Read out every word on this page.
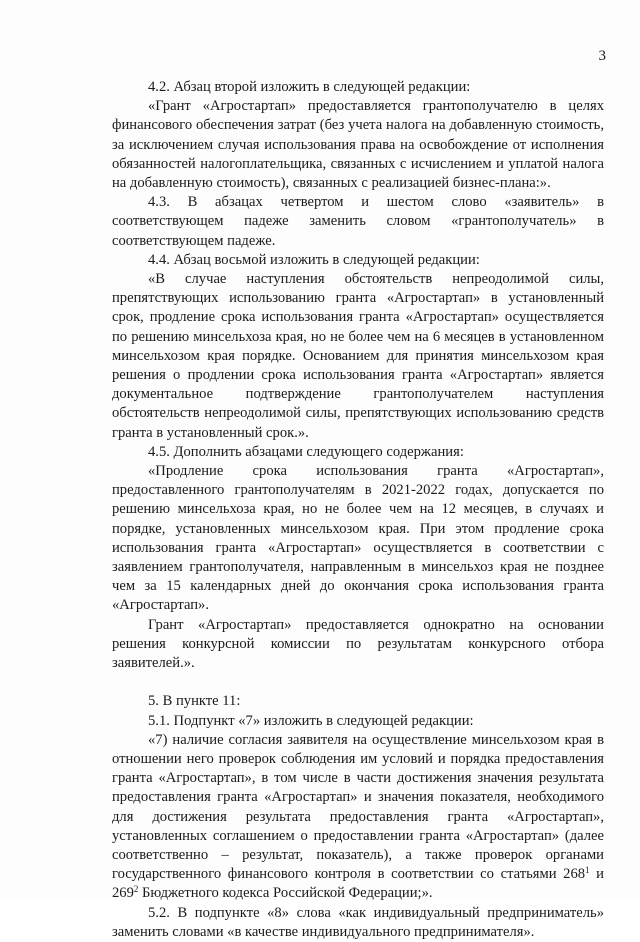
3

4.2. Абзац второй изложить в следующей редакции:

«Грант «Агростартап» предоставляется грантополучателю в целях финансового обеспечения затрат (без учета налога на добавленную стоимость, за исключением случая использования права на освобождение от исполнения обязанностей налогоплательщика, связанных с исчислением и уплатой налога на добавленную стоимость), связанных с реализацией бизнес-плана:».

4.3. В абзацах четвертом и шестом слово «заявитель» в соответствующем падеже заменить словом «грантополучатель» в соответствующем падеже.

4.4. Абзац восьмой изложить в следующей редакции:

«В случае наступления обстоятельств непреодолимой силы, препятствующих использованию гранта «Агростартап» в установленный срок, продление срока использования гранта «Агростартап» осуществляется по решению минсельхоза края, но не более чем на 6 месяцев в установленном минсельхозом края порядке. Основанием для принятия минсельхозом края решения о продлении срока использования гранта «Агростартап» является документальное подтверждение грантополучателем наступления обстоятельств непреодолимой силы, препятствующих использованию средств гранта в установленный срок.».

4.5. Дополнить абзацами следующего содержания:

«Продление срока использования гранта «Агростартап», предоставленного грантополучателям в 2021-2022 годах, допускается по решению минсельхоза края, но не более чем на 12 месяцев, в случаях и порядке, установленных минсельхозом края. При этом продление срока использования гранта «Агростартап» осуществляется в соответствии с заявлением грантополучателя, направленным в минсельхоз края не позднее чем за 15 календарных дней до окончания срока использования гранта «Агростартап».

Грант «Агростартап» предоставляется однократно на основании решения конкурсной комиссии по результатам конкурсного отбора заявителей.».

5. В пункте 11:

5.1. Подпункт «7» изложить в следующей редакции:

«7) наличие согласия заявителя на осуществление минсельхозом края в отношении него проверок соблюдения им условий и порядка предоставления гранта «Агростартап», в том числе в части достижения значения результата предоставления гранта «Агростартап» и значения показателя, необходимого для достижения результата предоставления гранта «Агростартап», установленных соглашением о предоставлении гранта «Агростартап» (далее соответственно – результат, показатель), а также проверок органами государственного финансового контроля в соответствии со статьями $268^1$ и $269^2$ Бюджетного кодекса Российской Федерации;».

5.2. В подпункте «8» слова «как индивидуальный предприниматель» заменить словами «в качестве индивидуального предпринимателя».
